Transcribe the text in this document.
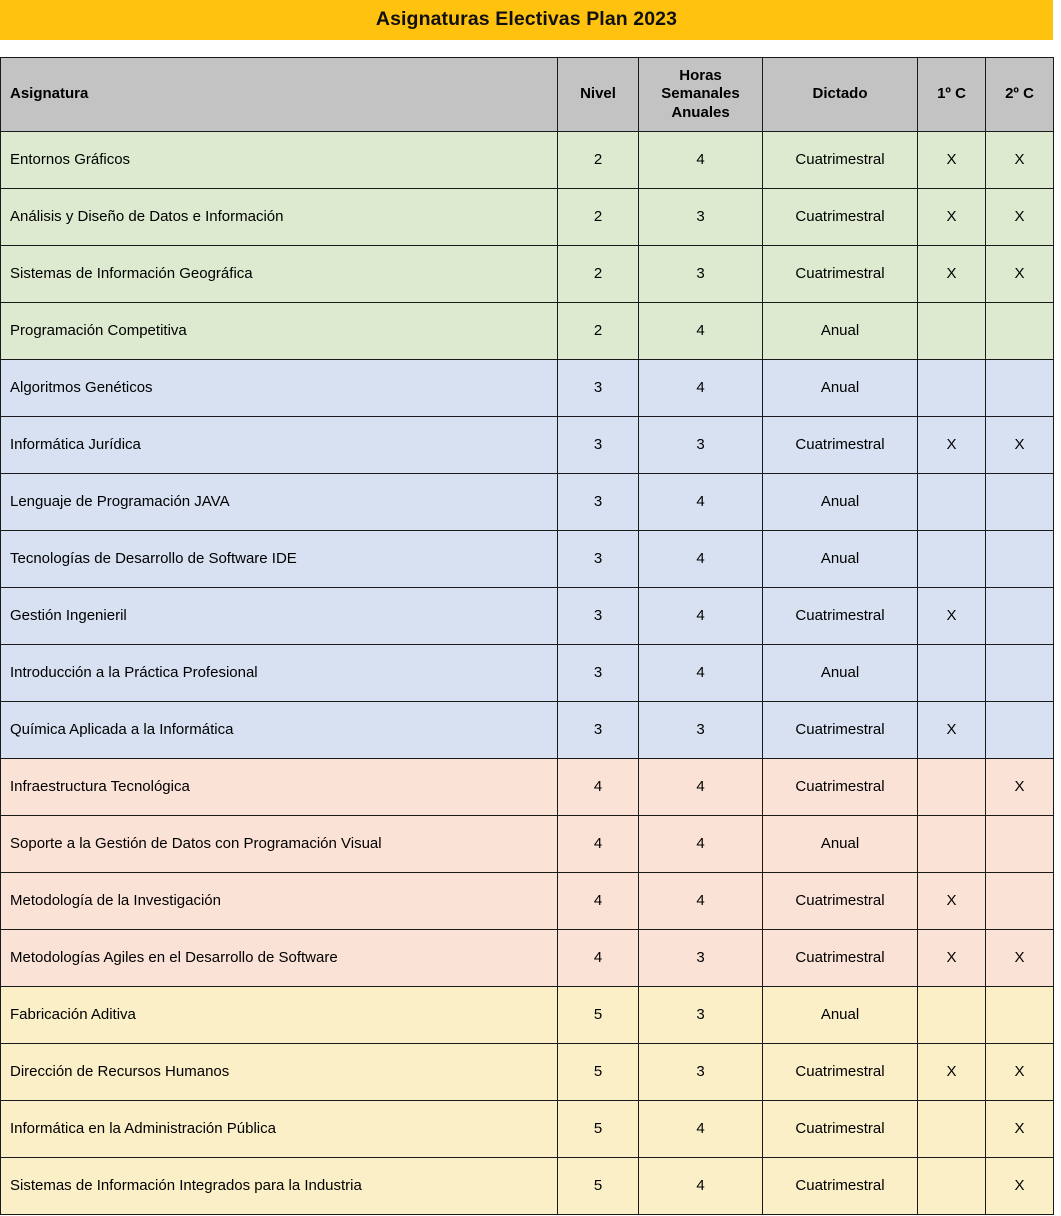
Asignaturas Electivas Plan 2023
Asignatura	Nivel	Horas
Semanales
Anuales	Dictado	1º C	2º C
Entornos Gráficos	2	4	Cuatrimestral	X	X
Análisis y Diseño de Datos e Información	2	3	Cuatrimestral	X	X
Sistemas de Información Geográfica	2	3	Cuatrimestral	X	X
Programación Competitiva	2	4	Anual		
Algoritmos Genéticos	3	4	Anual		
Informática Jurídica	3	3	Cuatrimestral	X	X
Lenguaje de Programación JAVA	3	4	Anual		
Tecnologías de Desarrollo de Software IDE	3	4	Anual		
Gestión Ingenieril	3	4	Cuatrimestral	X	
Introducción a la Práctica Profesional	3	4	Anual		
Química Aplicada a la Informática	3	3	Cuatrimestral	X	
Infraestructura Tecnológica	4	4	Cuatrimestral		X
Soporte a la Gestión de Datos con Programación Visual	4	4	Anual		
Metodología de la Investigación	4	4	Cuatrimestral	X	
Metodologías Agiles en el Desarrollo de Software	4	3	Cuatrimestral	X	X
Fabricación Aditiva	5	3	Anual		
Dirección de Recursos Humanos	5	3	Cuatrimestral	X	X
Informática en la Administración Pública	5	4	Cuatrimestral		X
Sistemas de Información Integrados para la Industria	5	4	Cuatrimestral		X
